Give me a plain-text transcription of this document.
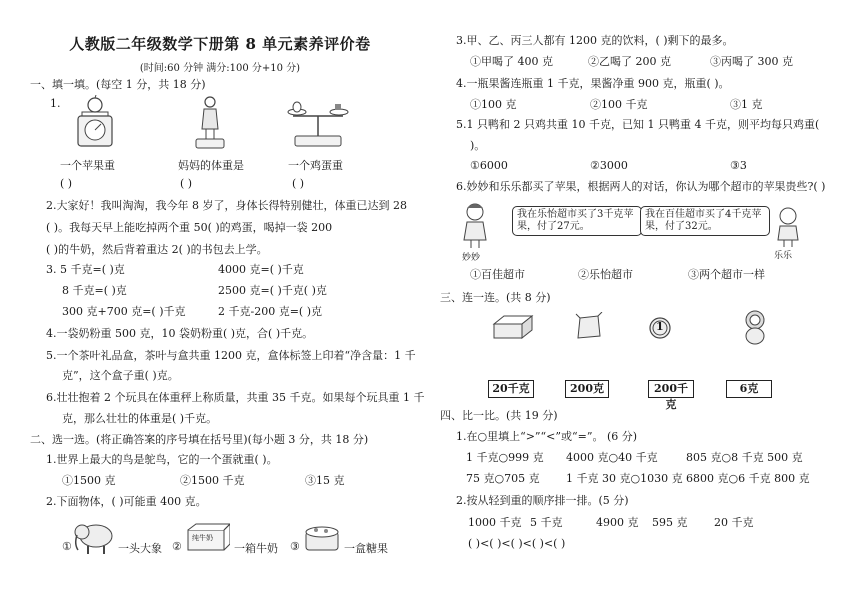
人教版二年级数学下册第 8 单元素养评价卷
(时间:60 分钟 满分:100 分+10 分)
一、填一填。(每空 1 分，共 18 分)
1.
一个苹果重	妈妈的体重是	一个鸡蛋重
( )	( )	( )
2.大家好！我叫淘淘，我今年 8 岁了，身体长得特别健壮，体重已达到 28
( )。我每天早上能吃掉两个重 50( )的鸡蛋，喝掉一袋 200
( )的牛奶，然后背着重达 2( )的书包去上学。
3. 5 千克=( )克	4000 克=( )千克
8 千克=( )克	2500 克=( )千克( )克
300 克+700 克=( )千克	2 千克-200 克=( )克
4.一袋奶粉重 500 克，10 袋奶粉重( )克，合( )千克。
5.一个茶叶礼品盒，茶叶与盒共重 1200 克，盒体标签上印着“净含量：1 千
克”，这个盒子重( )克。
6.壮壮抱着 2 个玩具在体重秤上称质量，共重 35 千克。如果每个玩具重 1 千
克，那么壮壮的体重是( )千克。
二、选一选。(将正确答案的序号填在括号里)(每小题 3 分，共 18 分)
1.世界上最大的鸟是鸵鸟，它的一个蛋就重( )。
①1500 克	②1500 千克	③15 克
2.下面物体，( )可能重 400 克。
①	一头大象 ②
纯牛奶
一箱牛奶 ③	一盒糖果
3.甲、乙、丙三人都有 1200 克的饮料，( )剩下的最多。
①甲喝了 400 克	②乙喝了 200 克	③丙喝了 300 克
4.一瓶果酱连瓶重 1 千克，果酱净重 900 克，瓶重( )。
①100 克	②100 千克	③1 克
5.1 只鸭和 2 只鸡共重 10 千克，已知 1 只鸭重 4 千克，则平均每只鸡重(
)。
①6000	②3000	③3
6.妙妙和乐乐都买了苹果，根据两人的对话，你认为哪个超市的苹果贵些?( )
妙妙
我在乐怡超市买了3千克苹果，付了27元。
我在百佳超市买了4千克苹果，付了32元。
乐乐
①百佳超市	②乐怡超市	③两个超市一样
三、连一连。(共 8 分)
1
20千克	200克	200千克
6克
四、比一比。(共 19 分)
1.在○里填上“>”“<”或“=”。 (6 分)
1 千克○999 克 4000 克○40 千克	805 克○8 千克 500 克
75 克○705 克 1 千克 30 克○1030 克 6800 克○6 千克 800 克
2.按从轻到重的顺序排一排。(5 分)
1000 千克 5 千克	4900 克 595 克 20 千克
( )<( )<( )<( )<( )
